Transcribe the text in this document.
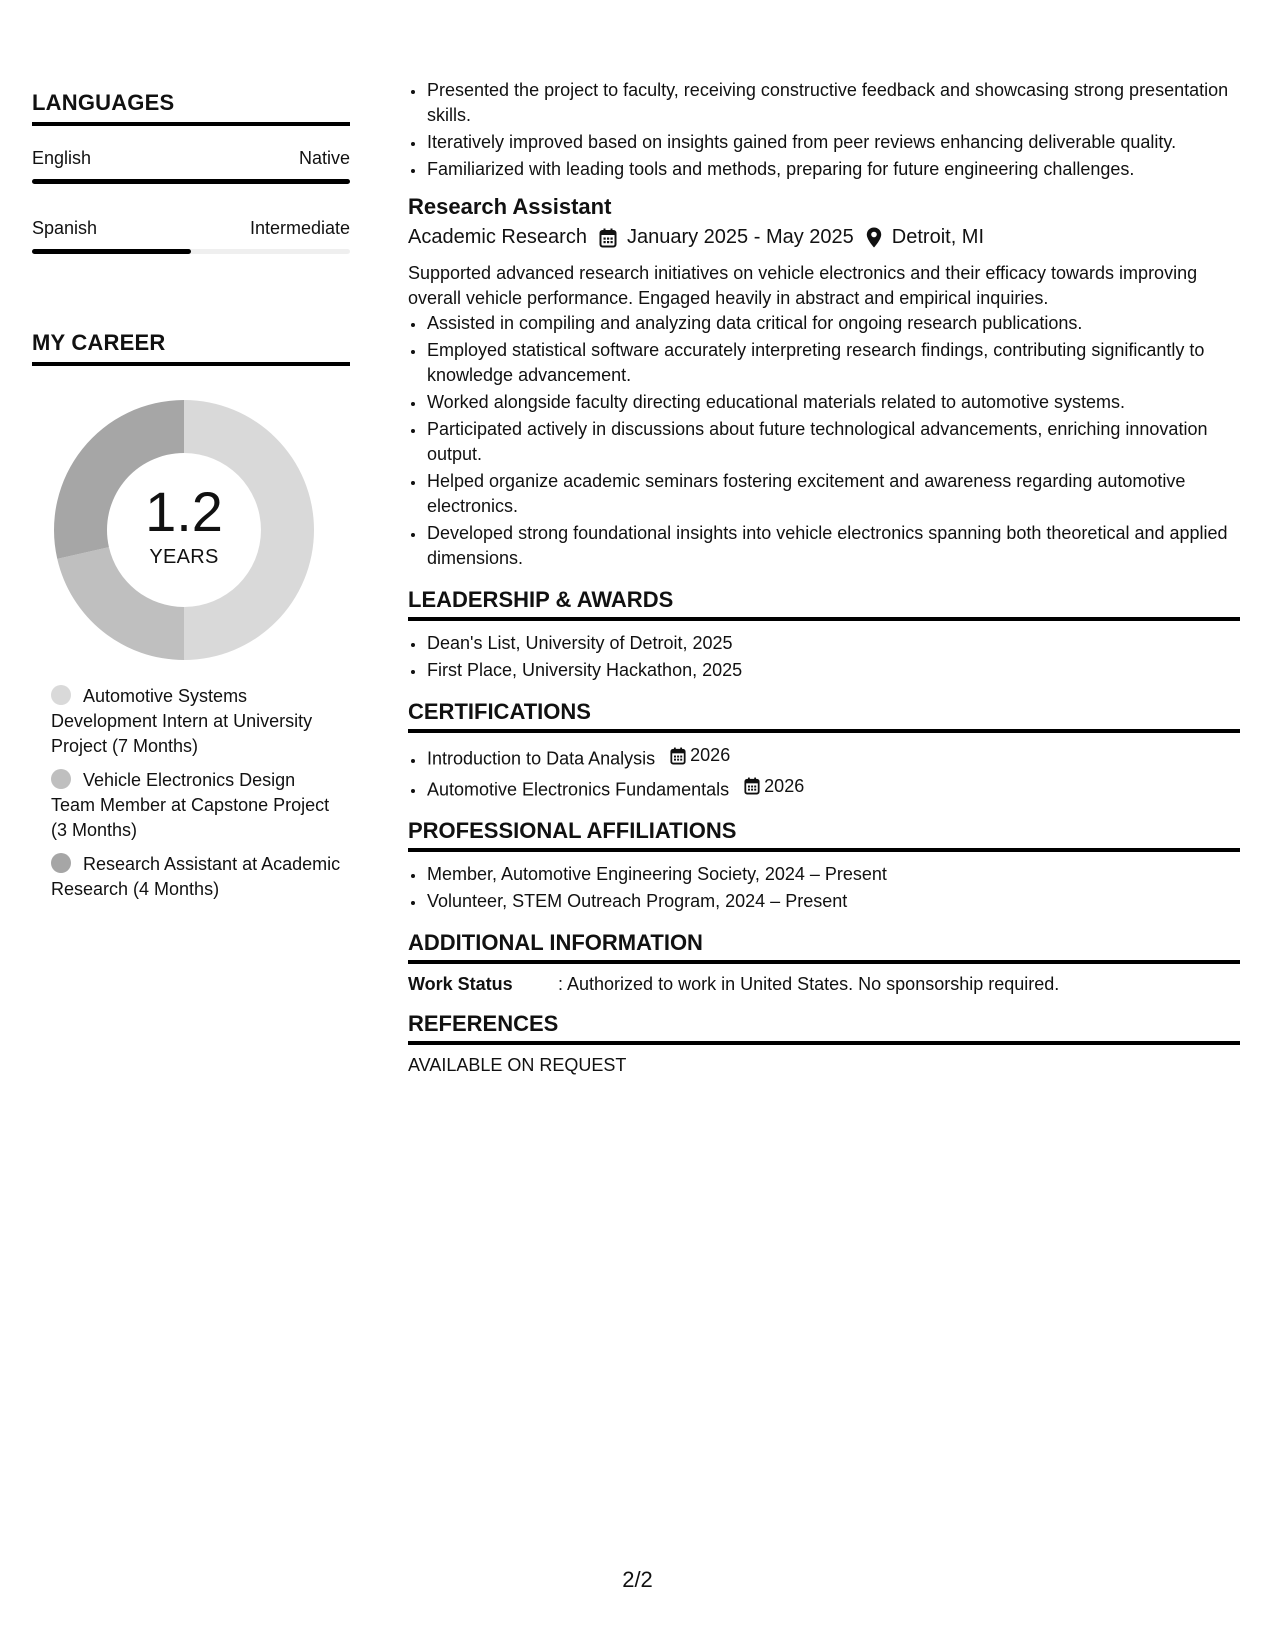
LANGUAGES
English	Native
Spanish	Intermediate
MY CAREER
1.2
YEARS
Automotive Systems Development Intern at University Project (7 Months)
Vehicle Electronics Design Team Member at Capstone Project (3 Months)
Research Assistant at Academic Research (4 Months)
• Presented the project to faculty, receiving constructive feedback and showcasing strong presentation skills.
• Iteratively improved based on insights gained from peer reviews enhancing deliverable quality.
• Familiarized with leading tools and methods, preparing for future engineering challenges.
Research Assistant
Academic Research January 2025 - May 2025 Detroit, MI
Supported advanced research initiatives on vehicle electronics and their efficacy towards improving overall vehicle performance. Engaged heavily in abstract and empirical inquiries.
• Assisted in compiling and analyzing data critical for ongoing research publications.
• Employed statistical software accurately interpreting research findings, contributing significantly to knowledge advancement.
• Worked alongside faculty directing educational materials related to automotive systems.
• Participated actively in discussions about future technological advancements, enriching innovation output.
• Helped organize academic seminars fostering excitement and awareness regarding automotive electronics.
• Developed strong foundational insights into vehicle electronics spanning both theoretical and applied dimensions.
LEADERSHIP & AWARDS
• Dean's List, University of Detroit, 2025
• First Place, University Hackathon, 2025
CERTIFICATIONS
• Introduction to Data Analysis 2026
• Automotive Electronics Fundamentals 2026
PROFESSIONAL AFFILIATIONS
• Member, Automotive Engineering Society, 2024 – Present
• Volunteer, STEM Outreach Program, 2024 – Present
ADDITIONAL INFORMATION
Work Status	: Authorized to work in United States. No sponsorship required.
REFERENCES
AVAILABLE ON REQUEST
2/2
